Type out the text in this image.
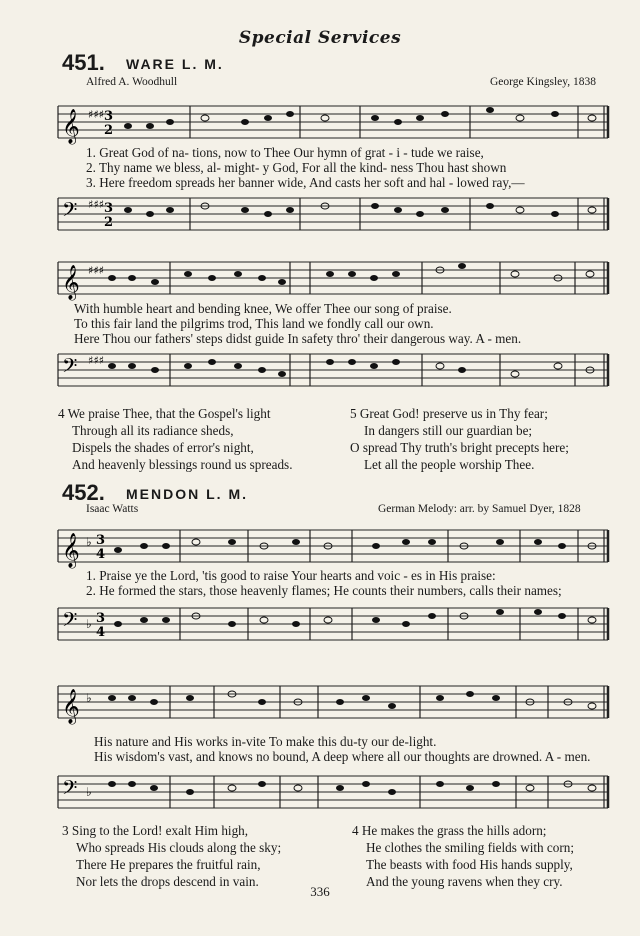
Special Services
451. WARE L. M.
Alfred A. Woodhull	George Kingsley, 1838
𝄞 ♯♯♯ 3
2
1. Great God of na- tions, now to Thee Our hymn of grat - i - tude we raise,
2. Thy name we bless, al- might- y God, For all the kind- ness Thou hast shown
3. Here freedom spreads her banner wide, And casts her soft and hal - lowed ray,—
𝄢 ♯♯♯ 3
2
𝄞 ♯♯♯
With humble heart and bending knee, We offer Thee our song of praise.
To this fair land the pilgrims trod, This land we fondly call our own.
Here Thou our fathers' steps didst guide In safety thro' their dangerous way. A - men.
𝄢 ♯♯♯
4 We praise Thee, that the Gospel's light
Through all its radiance sheds,
Dispels the shades of error's night,
And heavenly blessings round us spreads.
5 Great God! preserve us in Thy fear;
In dangers still our guardian be;
O spread Thy truth's bright precepts here;
Let all the people worship Thee.
452. MENDON L. M.
Isaac Watts	German Melody: arr. by Samuel Dyer, 1828
𝄞 ♭ 3
4
1. Praise ye the Lord, 'tis good to raise Your hearts and voic - es in His praise:
2. He formed the stars, those heavenly flames; He counts their numbers, calls their names;
𝄢 ♭ 3
4
𝄞 ♭
His nature and His works in-vite To make this du-ty our de-light.
His wisdom's vast, and knows no bound, A deep where all our thoughts are drowned. A - men.
𝄢 ♭
3 Sing to the Lord! exalt Him high,
Who spreads His clouds along the sky;
There He prepares the fruitful rain,
Nor lets the drops descend in vain.
4 He makes the grass the hills adorn;
He clothes the smiling fields with corn;
The beasts with food His hands supply,
And the young ravens when they cry.
336
